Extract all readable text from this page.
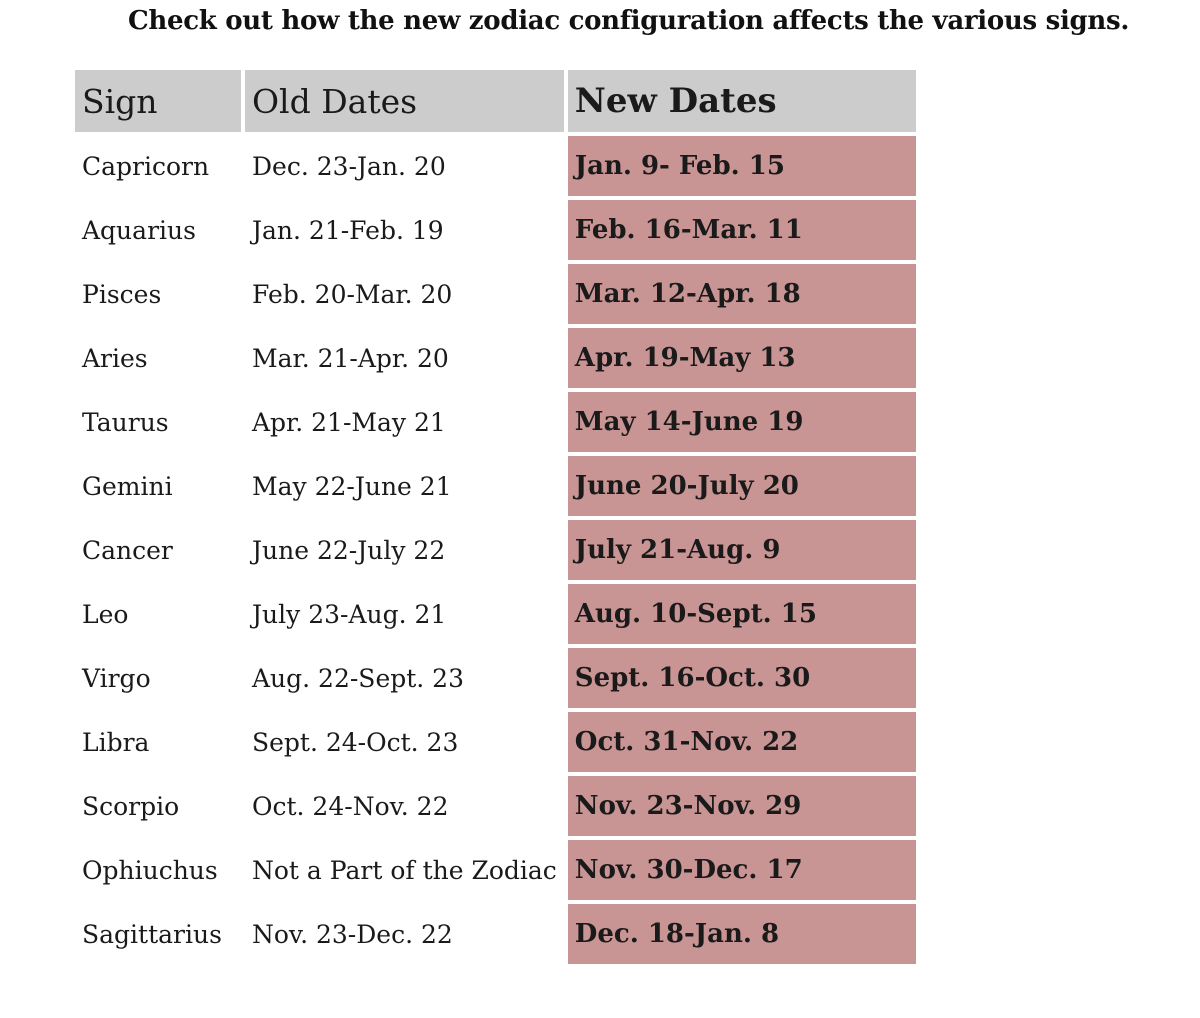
Check out how the new zodiac configuration affects the various signs.

Sign	Old Dates	New Dates
Capricorn	Dec. 23-Jan. 20	Jan. 9- Feb. 15
Aquarius	Jan. 21-Feb. 19	Feb. 16-Mar. 11
Pisces	Feb. 20-Mar. 20	Mar. 12-Apr. 18
Aries	Mar. 21-Apr. 20	Apr. 19-May 13
Taurus	Apr. 21-May 21	May 14-June 19
Gemini	May 22-June 21	June 20-July 20
Cancer	June 22-July 22	July 21-Aug. 9
Leo	July 23-Aug. 21	Aug. 10-Sept. 15
Virgo	Aug. 22-Sept. 23	Sept. 16-Oct. 30
Libra	Sept. 24-Oct. 23	Oct. 31-Nov. 22
Scorpio	Oct. 24-Nov. 22	Nov. 23-Nov. 29
Ophiuchus	Not a Part of the Zodiac	Nov. 30-Dec. 17
Sagittarius	Nov. 23-Dec. 22	Dec. 18-Jan. 8
